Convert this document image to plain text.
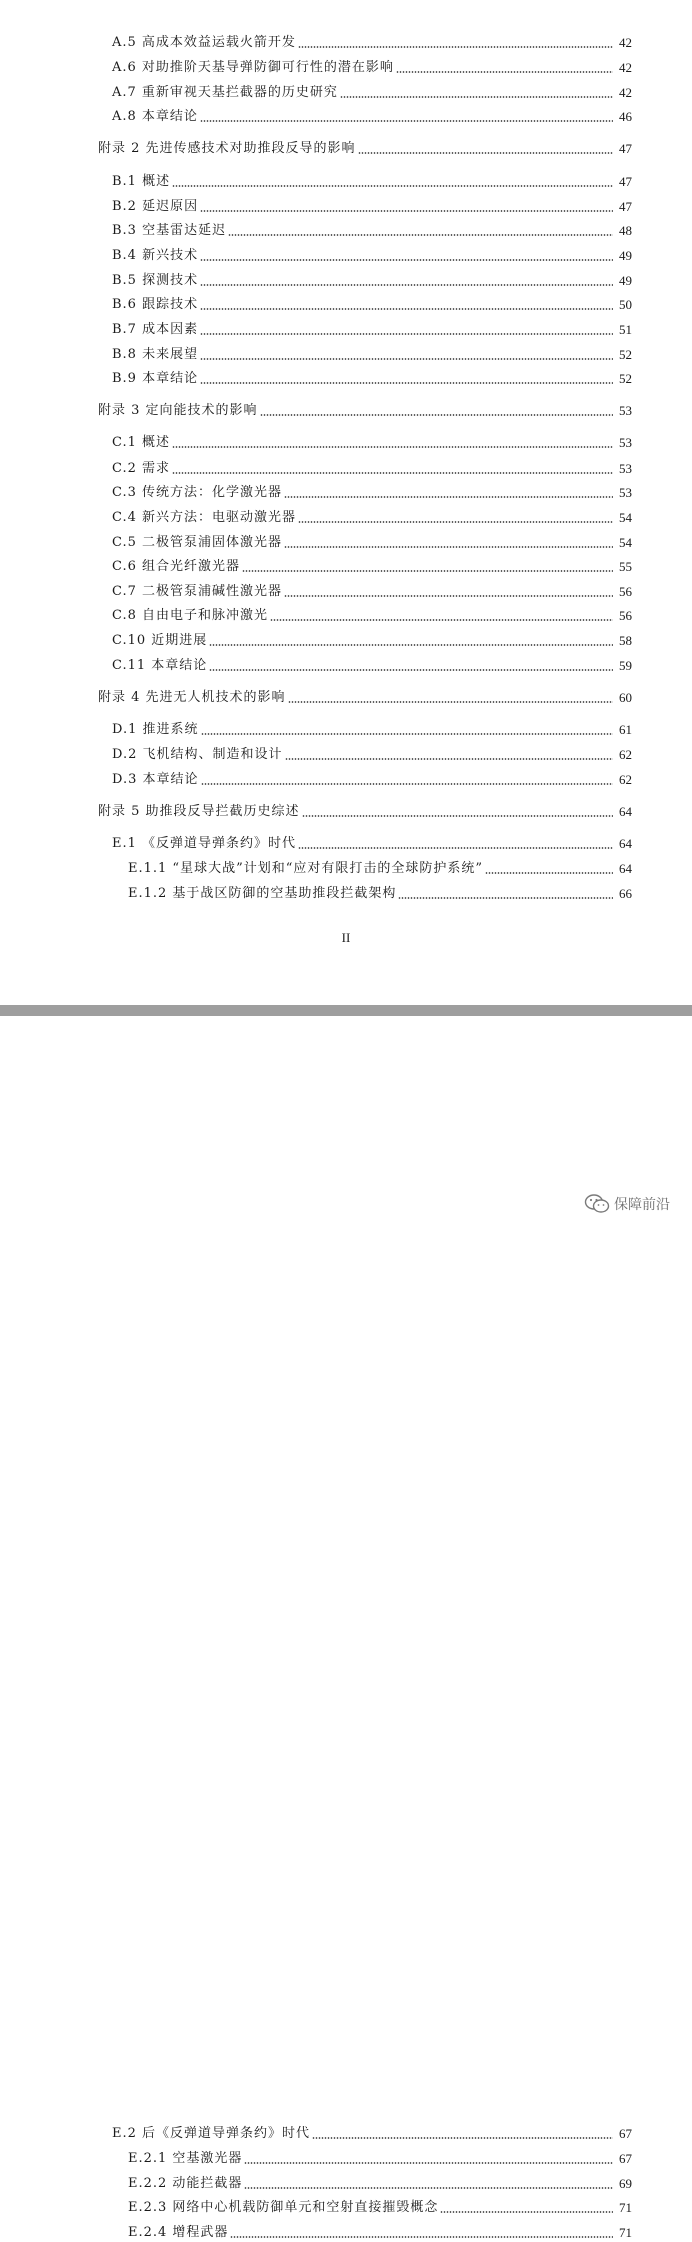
A.5 高成本效益运载火箭开发	42
A.6 对助推阶天基导弹防御可行性的潜在影响	42
A.7 重新审视天基拦截器的历史研究	42
A.8 本章结论	46
附录 2 先进传感技术对助推段反导的影响	47
B.1 概述	47
B.2 延迟原因	47
B.3 空基雷达延迟	48
B.4 新兴技术	49
B.5 探测技术	49
B.6 跟踪技术	50
B.7 成本因素	51
B.8 未来展望	52
B.9 本章结论	52
附录 3 定向能技术的影响	53
C.1 概述	53
C.2 需求	53
C.3 传统方法：化学激光器	53
C.4 新兴方法：电驱动激光器	54
C.5 二极管泵浦固体激光器	54
C.6 组合光纤激光器	55
C.7 二极管泵浦碱性激光器	56
C.8 自由电子和脉冲激光	56
C.10 近期进展	58
C.11 本章结论	59
附录 4 先进无人机技术的影响	60
D.1 推进系统	61
D.2 飞机结构、制造和设计	62
D.3 本章结论	62
附录 5 助推段反导拦截历史综述	64
E.1 《反弹道导弹条约》时代	64
E.1.1 “星球大战”计划和“应对有限打击的全球防护系统”	64
E.1.2 基于战区防御的空基助推段拦截架构	66
II
E.2 后《反弹道导弹条约》时代	67
E.2.1 空基激光器	67
E.2.2 动能拦截器	69
E.2.3 网络中心机载防御单元和空射直接摧毁概念	71
E.2.4 增程武器	71
保障前沿
